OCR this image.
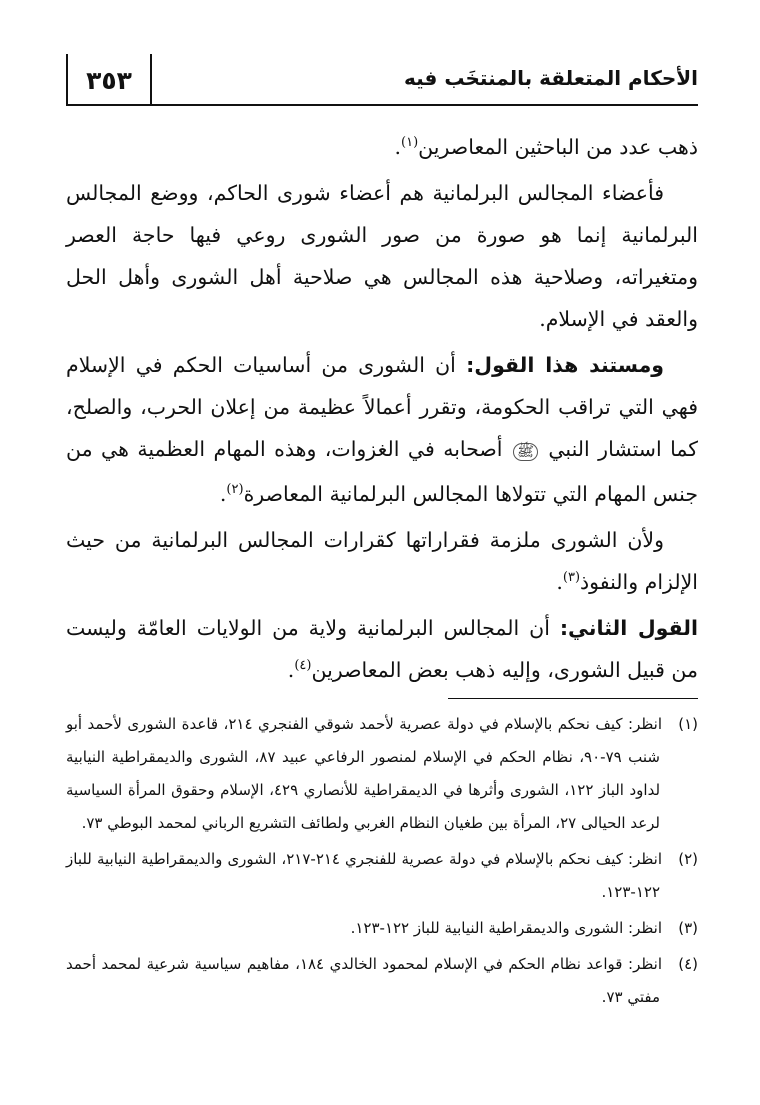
٣٥٣	الأحكام المتعلقة بالمنتخَب فيه

ذهب عدد من الباحثين المعاصرين$^{(١)}$.

فأعضاء المجالس البرلمانية هم أعضاء شورى الحاكم، ووضع المجالس البرلمانية إنما هو صورة من صور الشورى روعي فيها حاجة العصر ومتغيراته، وصلاحية هذه المجالس هي صلاحية أهل الشورى وأهل الحل والعقد في الإسلام.

ومستند هذا القول: أن الشورى من أساسيات الحكم في الإسلام فهي التي تراقب الحكومة، وتقرر أعمالاً عظيمة من إعلان الحرب، والصلح، كما استشار النبي ﷺ أصحابه في الغزوات، وهذه المهام العظمية هي من جنس المهام التي تتولاها المجالس البرلمانية المعاصرة$^{(٢)}$.

ولأن الشورى ملزمة فقراراتها كقرارات المجالس البرلمانية من حيث الإلزام والنفوذ$^{(٣)}$.

القول الثاني: أن المجالس البرلمانية ولاية من الولايات العامّة وليست من قبيل الشورى، وإليه ذهب بعض المعاصرين$^{(٤)}$.

(١)انظر: كيف نحكم بالإسلام في دولة عصرية لأحمد شوقي الفنجري ٢١٤، قاعدة الشورى لأحمد أبو شنب ٧٩-٩٠، نظام الحكم في الإسلام لمنصور الرفاعي عبيد ٨٧، الشورى والديمقراطية النيابية لداود الباز ١٢٢، الشورى وأثرها في الديمقراطية للأنصاري ٤٢٩، الإسلام وحقوق المرأة السياسية لرعد الحيالى ٢٧، المرأة بين طغيان النظام الغربي ولطائف التشريع الرباني لمحمد البوطي ٧٣.

(٢)انظر: كيف نحكم بالإسلام في دولة عصرية للفنجري ٢١٤-٢١٧، الشورى والديمقراطية النيابية للباز ١٢٢-١٢٣.

(٣)انظر: الشورى والديمقراطية النيابية للباز ١٢٢-١٢٣.

(٤)انظر: قواعد نظام الحكم في الإسلام لمحمود الخالدي ١٨٤، مفاهيم سياسية شرعية لمحمد أحمد مفتي ٧٣.
